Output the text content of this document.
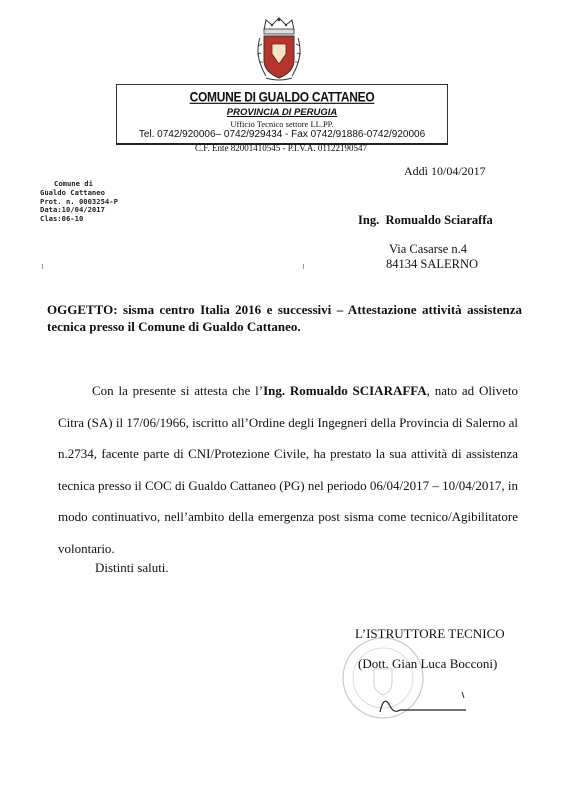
COMUNE DI GUALDO CATTANEO
PROVINCIA DI PERUGIA
Ufficio Tecnico settore LL.PP.
Tel. 0742/920006– 0742/929434 - Fax 0742/91886-0742/920006
C.F. Ente 82001410545 - P.I.V.A. 01122190547
Addì 10/04/2017
Comune di
Gualdo Cattaneo
Prot. n. 0003254-P
Data:10/04/2017
Clas:06-10	Ing. Romualdo Sciaraffa
Via Casarse n.4
84134 SALERNO
OGGETTO: sisma centro Italia 2016 e successivi – Attestazione attività assistenza tecnica presso il Comune di Gualdo Cattaneo.

Con la presente si attesta che l’Ing. Romualdo SCIARAFFA, nato ad Oliveto Citra (SA) il 17/06/1966, iscritto all’Ordine degli Ingegneri della Provincia di Salerno al n.2734, facente parte di CNI/Protezione Civile, ha prestato la sua attività di assistenza tecnica presso il COC di Gualdo Cattaneo (PG) nel periodo 06/04/2017 – 10/04/2017, in modo continuativo, nell’ambito della emergenza post sisma come tecnico/Agibilitatore volontario.

Distinti saluti.
L’ISTRUTTORE TECNICO
(Dott. Gian Luca Bocconi)
